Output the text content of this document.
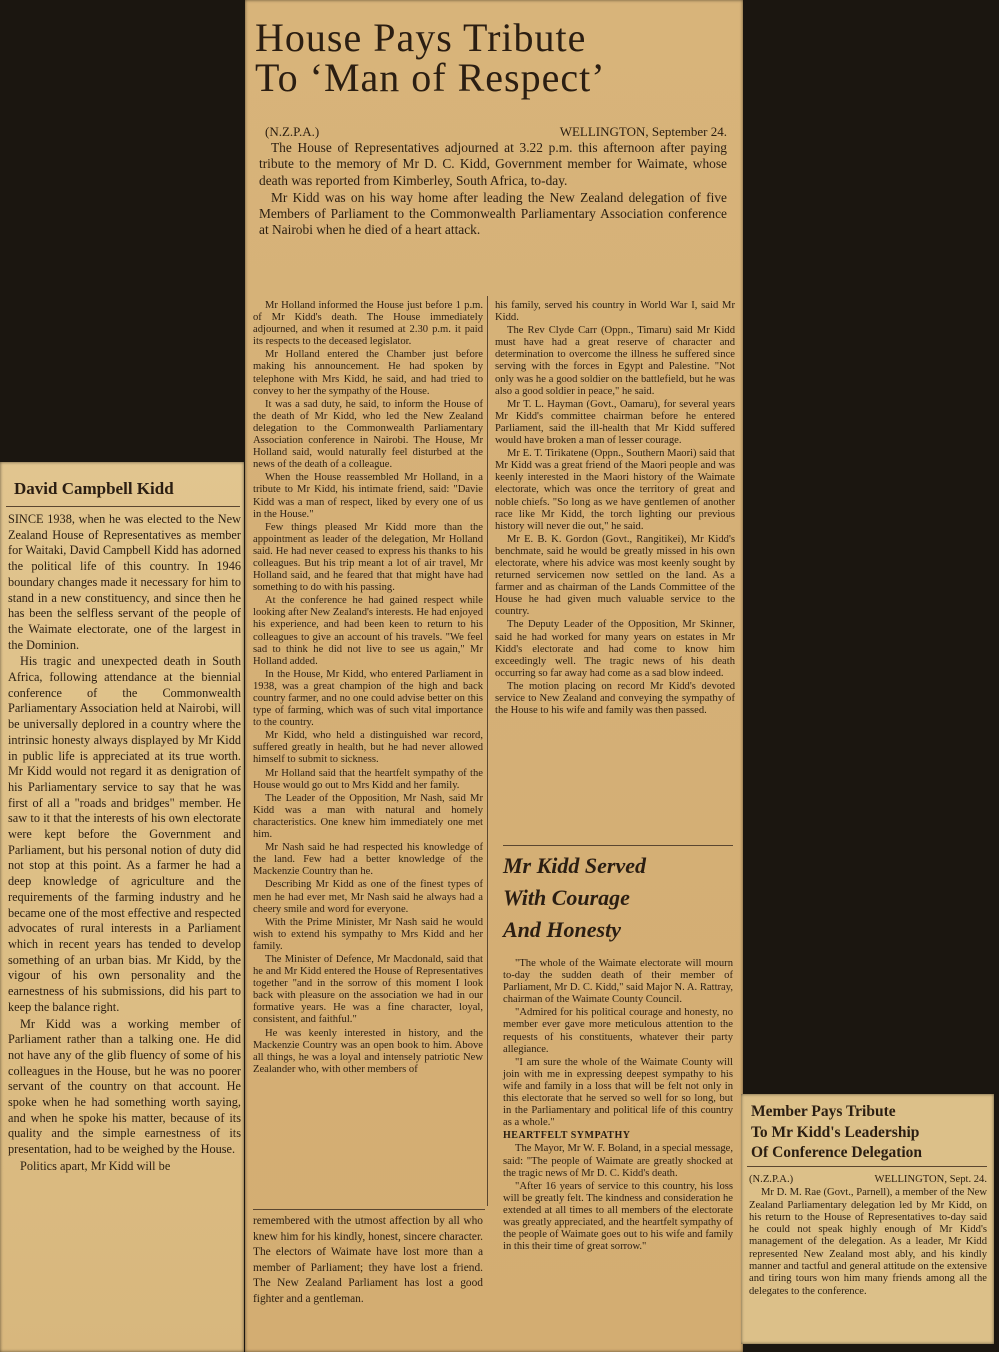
House Pays Tribute
To ‘Man of Respect’
(N.Z.P.A.)	WELLINGTON, September 24.

The House of Representatives adjourned at 3.22 p.m. this afternoon after paying tribute to the memory of Mr D. C. Kidd, Government member for Waimate, whose death was reported from Kimberley, South Africa, to-day.

Mr Kidd was on his way home after leading the New Zealand delegation of five Members of Parliament to the Commonwealth Parliamentary Association conference at Nairobi when he died of a heart attack.

Mr Holland informed the House just before 1 p.m. of Mr Kidd's death. The House immediately adjourned, and when it resumed at 2.30 p.m. it paid its respects to the deceased legislator.

Mr Holland entered the Chamber just before making his announcement. He had spoken by telephone with Mrs Kidd, he said, and had tried to convey to her the sympathy of the House.

It was a sad duty, he said, to inform the House of the death of Mr Kidd, who led the New Zealand delegation to the Commonwealth Parliamentary Association conference in Nairobi. The House, Mr Holland said, would naturally feel disturbed at the news of the death of a colleague.

When the House reassembled Mr Holland, in a tribute to Mr Kidd, his intimate friend, said: "Davie Kidd was a man of respect, liked by every one of us in the House."

Few things pleased Mr Kidd more than the appointment as leader of the delegation, Mr Holland said. He had never ceased to express his thanks to his colleagues. But his trip meant a lot of air travel, Mr Holland said, and he feared that that might have had something to do with his passing.

At the conference he had gained respect while looking after New Zealand's interests. He had enjoyed his experience, and had been keen to return to his colleagues to give an account of his travels. "We feel sad to think he did not live to see us again," Mr Holland added.

In the House, Mr Kidd, who entered Parliament in 1938, was a great champion of the high and back country farmer, and no one could advise better on this type of farming, which was of such vital importance to the country.

Mr Kidd, who held a distinguished war record, suffered greatly in health, but he had never allowed himself to submit to sickness.

Mr Holland said that the heartfelt sympathy of the House would go out to Mrs Kidd and her family.

The Leader of the Opposition, Mr Nash, said Mr Kidd was a man with natural and homely characteristics. One knew him immediately one met him.

Mr Nash said he had respected his knowledge of the land. Few had a better knowledge of the Mackenzie Country than he.

Describing Mr Kidd as one of the finest types of men he had ever met, Mr Nash said he always had a cheery smile and word for everyone.

With the Prime Minister, Mr Nash said he would wish to extend his sympathy to Mrs Kidd and her family.

The Minister of Defence, Mr Macdonald, said that he and Mr Kidd entered the House of Representatives together "and in the sorrow of this moment I look back with pleasure on the association we had in our formative years. He was a fine character, loyal, consistent, and faithful."

He was keenly interested in history, and the Mackenzie Country was an open book to him. Above all things, he was a loyal and intensely patriotic New Zealander who, with other members of

remembered with the utmost affection by all who knew him for his kindly, honest, sincere character. The electors of Waimate have lost more than a member of Parliament; they have lost a friend. The New Zealand Parliament has lost a good fighter and a gentleman.

his family, served his country in World War I, said Mr Kidd.

The Rev Clyde Carr (Oppn., Timaru) said Mr Kidd must have had a great reserve of character and determination to overcome the illness he suffered since serving with the forces in Egypt and Palestine. "Not only was he a good soldier on the battlefield, but he was also a good soldier in peace," he said.

Mr T. L. Hayman (Govt., Oamaru), for several years Mr Kidd's committee chairman before he entered Parliament, said the ill-health that Mr Kidd suffered would have broken a man of lesser courage.

Mr E. T. Tirikatene (Oppn., Southern Maori) said that Mr Kidd was a great friend of the Maori people and was keenly interested in the Maori history of the Waimate electorate, which was once the territory of great and noble chiefs. "So long as we have gentlemen of another race like Mr Kidd, the torch lighting our previous history will never die out," he said.

Mr E. B. K. Gordon (Govt., Rangitikei), Mr Kidd's benchmate, said he would be greatly missed in his own electorate, where his advice was most keenly sought by returned servicemen now settled on the land. As a farmer and as chairman of the Lands Committee of the House he had given much valuable service to the country.

The Deputy Leader of the Opposition, Mr Skinner, said he had worked for many years on estates in Mr Kidd's electorate and had come to know him exceedingly well. The tragic news of his death occurring so far away had come as a sad blow indeed.

The motion placing on record Mr Kidd's devoted service to New Zealand and conveying the sympathy of the House to his wife and family was then passed.

Mr Kidd Served
With Courage
And Honesty

"The whole of the Waimate electorate will mourn to-day the sudden death of their member of Parliament, Mr D. C. Kidd," said Major N. A. Rattray, chairman of the Waimate County Council.

"Admired for his political courage and honesty, no member ever gave more meticulous attention to the requests of his constituents, whatever their party allegiance.

"I am sure the whole of the Waimate County will join with me in expressing deepest sympathy to his wife and family in a loss that will be felt not only in this electorate that he served so well for so long, but in the Parliamentary and political life of this country as a whole."

HEARTFELT SYMPATHY

The Mayor, Mr W. F. Boland, in a special message, said: "The people of Waimate are greatly shocked at the tragic news of Mr D. C. Kidd's death.

"After 16 years of service to this country, his loss will be greatly felt. The kindness and consideration he extended at all times to all members of the electorate was greatly appreciated, and the heartfelt sympathy of the people of Waimate goes out to his wife and family in this their time of great sorrow."

David Campbell Kidd

SINCE 1938, when he was elected to the New Zealand House of Representatives as member for Waitaki, David Campbell Kidd has adorned the political life of this country. In 1946 boundary changes made it necessary for him to stand in a new constituency, and since then he has been the selfless servant of the people of the Waimate electorate, one of the largest in the Dominion.

His tragic and unexpected death in South Africa, following attendance at the biennial conference of the Commonwealth Parliamentary Association held at Nairobi, will be universally deplored in a country where the intrinsic honesty always displayed by Mr Kidd in public life is appreciated at its true worth. Mr Kidd would not regard it as denigration of his Parliamentary service to say that he was first of all a "roads and bridges" member. He saw to it that the interests of his own electorate were kept before the Government and Parliament, but his personal notion of duty did not stop at this point. As a farmer he had a deep knowledge of agriculture and the requirements of the farming industry and he became one of the most effective and respected advocates of rural interests in a Parliament which in recent years has tended to develop something of an urban bias. Mr Kidd, by the vigour of his own personality and the earnestness of his submissions, did his part to keep the balance right.

Mr Kidd was a working member of Parliament rather than a talking one. He did not have any of the glib fluency of some of his colleagues in the House, but he was no poorer servant of the country on that account. He spoke when he had something worth saying, and when he spoke his matter, because of its quality and the simple earnestness of its presentation, had to be weighed by the House.

Politics apart, Mr Kidd will be

Member Pays Tribute
To Mr Kidd's Leadership
Of Conference Delegation

(N.Z.P.A.)	WELLINGTON, Sept. 24.

Mr D. M. Rae (Govt., Parnell), a member of the New Zealand Parliamentary delegation led by Mr Kidd, on his return to the House of Representatives to-day said he could not speak highly enough of Mr Kidd's management of the delegation. As a leader, Mr Kidd represented New Zealand most ably, and his kindly manner and tactful and general attitude on the extensive and tiring tours won him many friends among all the delegates to the conference.
